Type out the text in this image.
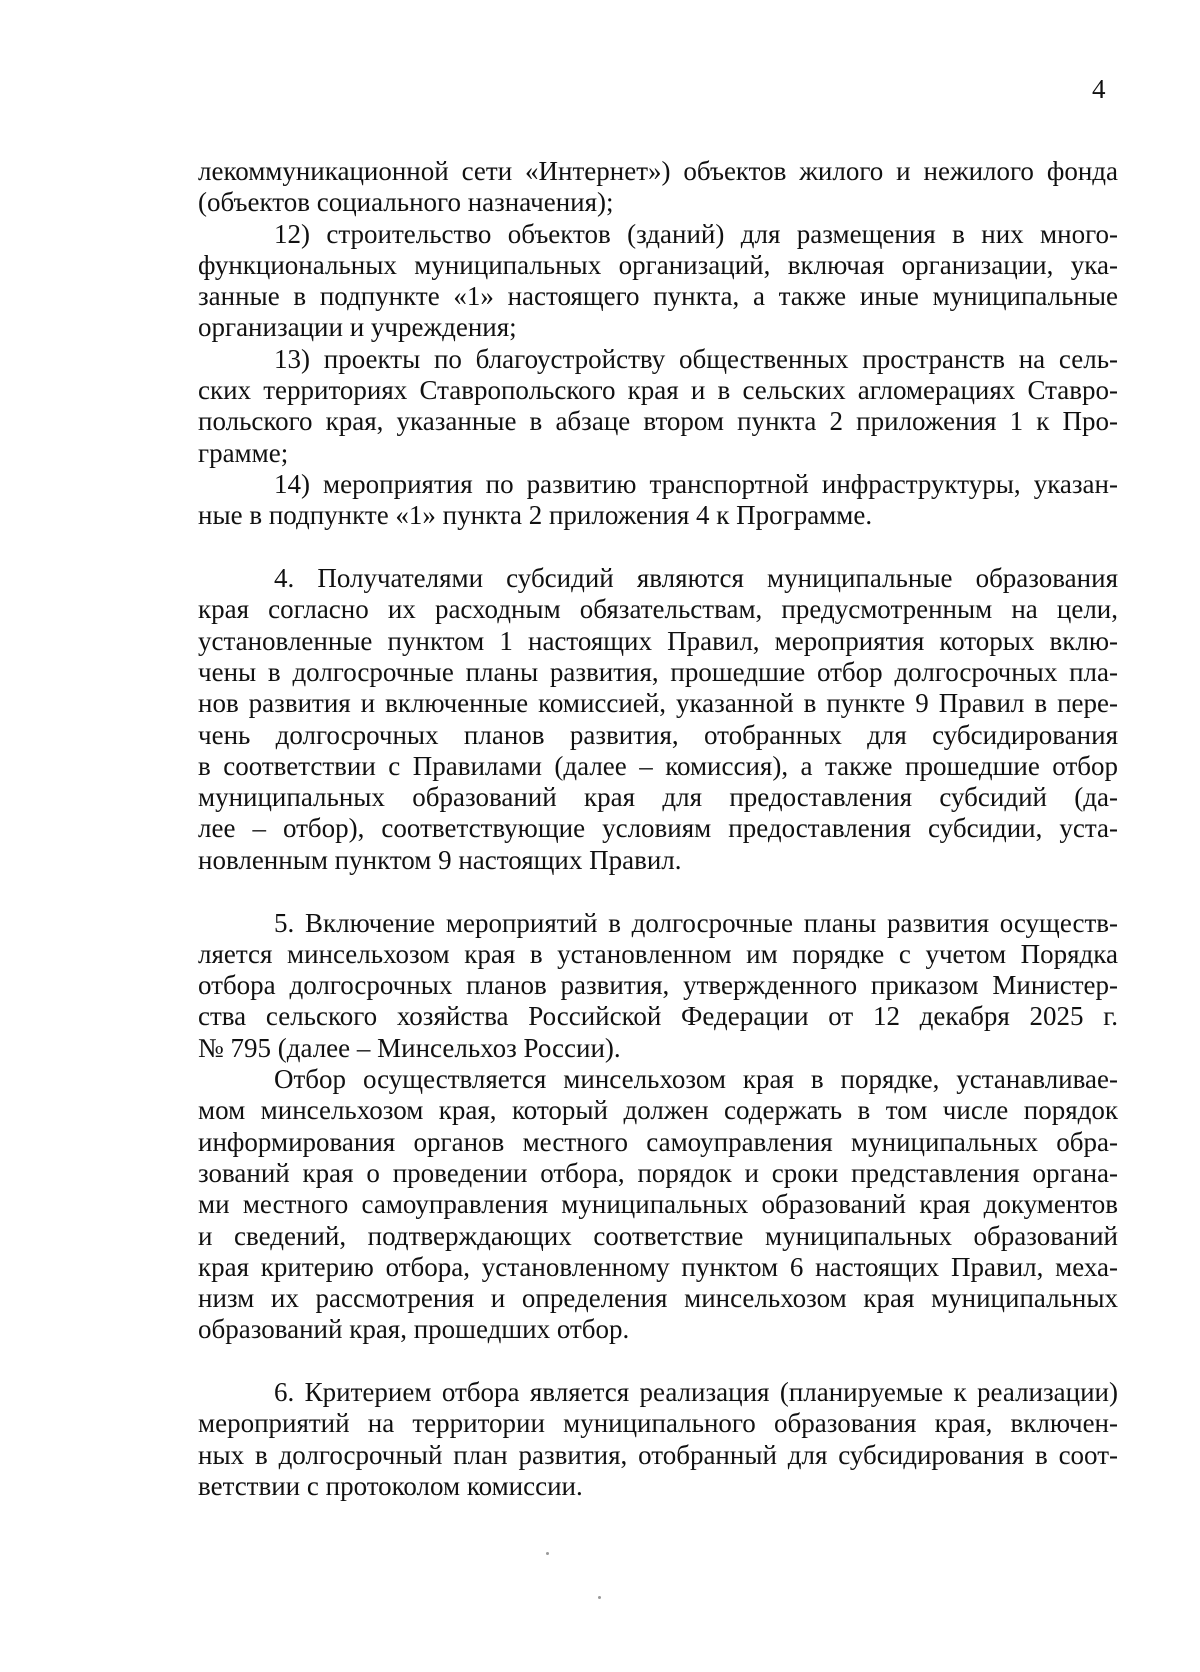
4
лекоммуникационной сети «Интернет») объектов жилого и нежилого фонда
(объектов социального назначения);
12) строительство объектов (зданий) для размещения в них много-
функциональных муниципальных организаций, включая организации, ука-
занные в подпункте «1» настоящего пункта, а также иные муниципальные
организации и учреждения;
13) проекты по благоустройству общественных пространств на сель-
ских территориях Ставропольского края и в сельских агломерациях Ставро-
польского края, указанные в абзаце втором пункта 2 приложения 1 к Про-
грамме;
14) мероприятия по развитию транспортной инфраструктуры, указан-
ные в подпункте «1» пункта 2 приложения 4 к Программе.
4. Получателями субсидий являются муниципальные образования
края согласно их расходным обязательствам, предусмотренным на цели,
установленные пунктом 1 настоящих Правил, мероприятия которых вклю-
чены в долгосрочные планы развития, прошедшие отбор долгосрочных пла-
нов развития и включенные комиссией, указанной в пункте 9 Правил в пере-
чень долгосрочных планов развития, отобранных для субсидирования
в соответствии с Правилами (далее – комиссия), а также прошедшие отбор
муниципальных образований края для предоставления субсидий (да-
лее – отбор), соответствующие условиям предоставления субсидии, уста-
новленным пунктом 9 настоящих Правил.
5. Включение мероприятий в долгосрочные планы развития осуществ-
ляется минсельхозом края в установленном им порядке с учетом Порядка
отбора долгосрочных планов развития, утвержденного приказом Министер-
ства сельского хозяйства Российской Федерации от 12 декабря 2025 г.
№ 795 (далее – Минсельхоз России).
Отбор осуществляется минсельхозом края в порядке, устанавливае-
мом минсельхозом края, который должен содержать в том числе порядок
информирования органов местного самоуправления муниципальных обра-
зований края о проведении отбора, порядок и сроки представления органа-
ми местного самоуправления муниципальных образований края документов
и сведений, подтверждающих соответствие муниципальных образований
края критерию отбора, установленному пунктом 6 настоящих Правил, меха-
низм их рассмотрения и определения минсельхозом края муниципальных
образований края, прошедших отбор.
6. Критерием отбора является реализация (планируемые к реализации)
мероприятий на территории муниципального образования края, включен-
ных в долгосрочный план развития, отобранный для субсидирования в соот-
ветствии с протоколом комиссии.
